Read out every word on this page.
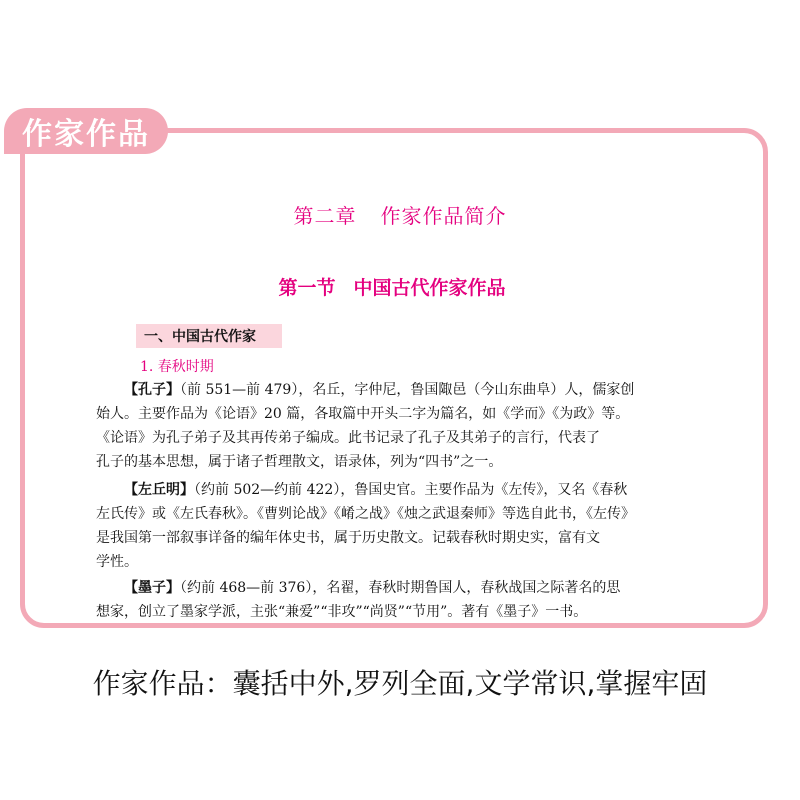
作家作品
第二章 作家作品简介
第一节 中国古代作家作品
一、中国古代作家
1. 春秋时期
【孔子】（前 551—前 479），名丘，字仲尼，鲁国陬邑（今山东曲阜）人，儒家创
始人。主要作品为《论语》20 篇，各取篇中开头二字为篇名，如《学而》《为政》等。
《论语》为孔子弟子及其再传弟子编成。此书记录了孔子及其弟子的言行，代表了
孔子的基本思想，属于诸子哲理散文，语录体，列为“四书”之一。
【左丘明】（约前 502—约前 422），鲁国史官。主要作品为《左传》，又名《春秋
左氏传》或《左氏春秋》。《曹刿论战》《崤之战》《烛之武退秦师》等选自此书，《左传》
是我国第一部叙事详备的编年体史书，属于历史散文。记载春秋时期史实，富有文
学性。
【墨子】（约前 468—前 376），名翟，春秋时期鲁国人，春秋战国之际著名的思
想家，创立了墨家学派，主张“兼爱”“非攻”“尚贤”“节用”。著有《墨子》一书。
作家作品：囊括中外,罗列全面,文学常识,掌握牢固
